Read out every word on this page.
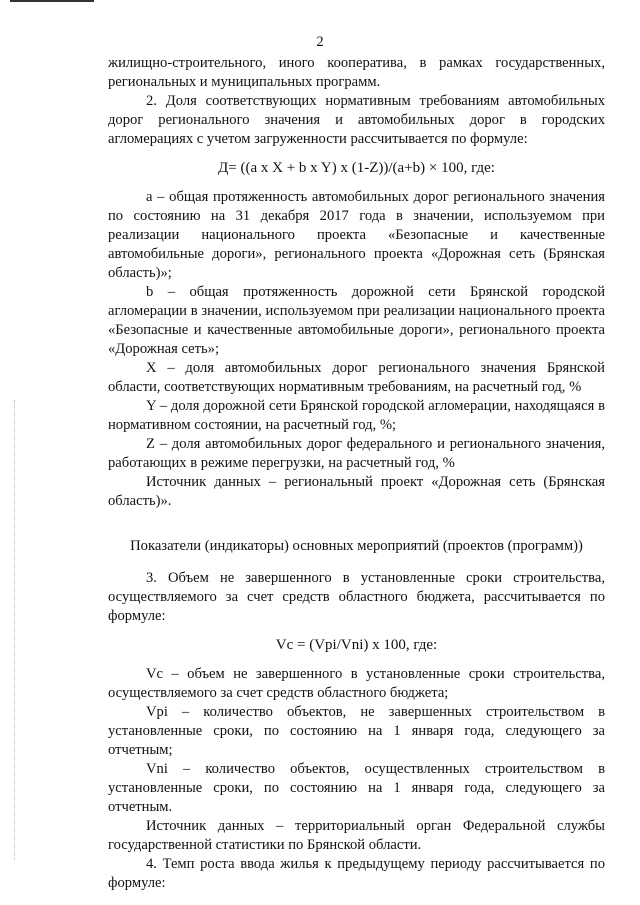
2

жилищно-строительного, иного кооператива, в рамках государственных, региональных и муниципальных программ.

2. Доля соответствующих нормативным требованиям автомобильных дорог регионального значения и автомобильных дорог в городских агломерациях с учетом загруженности рассчитывается по формуле:

Д= ((a x X + b x Y) x (1-Z))/(a+b) × 100, где:

a – общая протяженность автомобильных дорог регионального значения по состоянию на 31 декабря 2017 года в значении, используемом при реализации национального проекта «Безопасные и качественные автомобильные дороги», регионального проекта «Дорожная сеть (Брянская область)»;

b – общая протяженность дорожной сети Брянской городской агломерации в значении, используемом при реализации национального проекта «Безопасные и качественные автомобильные дороги», регионального проекта «Дорожная сеть»;

X – доля автомобильных дорог регионального значения Брянской области, соответствующих нормативным требованиям, на расчетный год, %

Y – доля дорожной сети Брянской городской агломерации, находящаяся в нормативном состоянии, на расчетный год, %;

Z – доля автомобильных дорог федерального и регионального значения, работающих в режиме перегрузки, на расчетный год, %

Источник данных – региональный проект «Дорожная сеть (Брянская область)».

Показатели (индикаторы) основных мероприятий (проектов (программ))

3. Объем не завершенного в установленные сроки строительства, осуществляемого за счет средств областного бюджета, рассчитывается по формуле:

Vc = (Vpi/Vni) x 100, где:

Vc – объем не завершенного в установленные сроки строительства, осуществляемого за счет средств областного бюджета;

Vpi – количество объектов, не завершенных строительством в установленные сроки, по состоянию на 1 января года, следующего за отчетным;

Vni – количество объектов, осуществленных строительством в установленные сроки, по состоянию на 1 января года, следующего за отчетным.

Источник данных – территориальный орган Федеральной службы государственной статистики по Брянской области.

4. Темп роста ввода жилья к предыдущему периоду рассчитывается по формуле:
